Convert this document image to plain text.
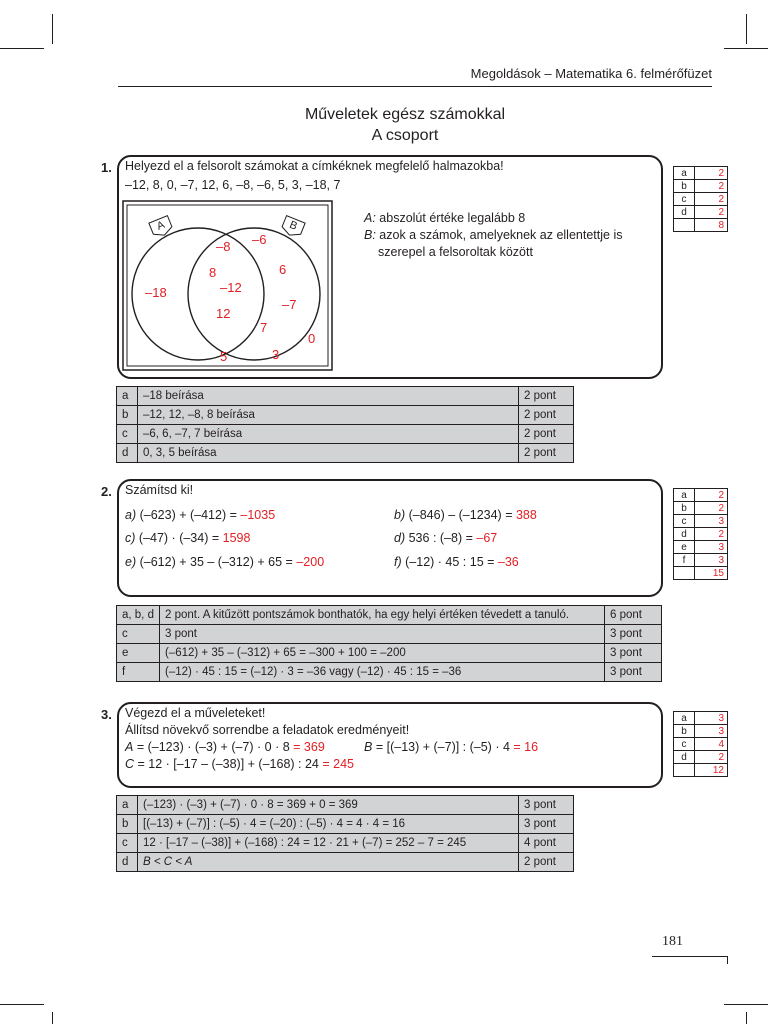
Megoldások – Matematika 6. felmérőfüzet
Műveletek egész számokkal
A csoport
1. Helyezd el a felsorolt számokat a címkéknek megfelelő halmazokba!
–12, 8, 0, –7, 12, 6, –8, –6, 5, 3, –18, 7
A	B
–18
–8
8
–12
12
–6
6
–7
7
0
5	3
A: abszolút értéke legalább 8
B: azok a számok, amelyeknek az ellentettje is
szerepel a felsoroltak között
a	2
b	2
c	2
d	2
	8
a	–18 beírása	2 pont
b	–12, 12, –8, 8 beírása	2 pont
c	–6, 6, –7, 7 beírása	2 pont
d	0, 3, 5 beírása	2 pont
2. Számítsd ki!
a) (–623) + (–412) = –1035	b) (–846) – (–1234) = 388
c) (–47) · (–34) = 1598	d) 536 : (–8) = –67
e) (–612) + 35 – (–312) + 65 = –200	f) (–12) · 45 : 15 = –36
a	2
b	2
c	3
d	2
e	3
f	3
	15
a, b, d	2 pont. A kitűzött pontszámok bonthatók, ha egy helyi értéken tévedett a tanuló.	6 pont
c	3 pont	3 pont
e	(–612) + 35 – (–312) + 65 = –300 + 100 = –200	3 pont
f	(–12) · 45 : 15 = (–12) · 3 = –36 vagy (–12) · 45 : 15 = –36	3 pont
3. Végezd el a műveleteket!
Állítsd növekvő sorrendbe a feladatok eredményeit!
A = (–123) · (–3) + (–7) · 0 · 8 = 369	B = [(–13) + (–7)] : (–5) · 4 = 16
C = 12 · [–17 – (–38)] + (–168) : 24 = 245
a	3
b	3
c	4
d	2
	12
a	(–123) · (–3) + (–7) · 0 · 8 = 369 + 0 = 369	3 pont
b	[(–13) + (–7)] : (–5) · 4 = (–20) : (–5) · 4 = 4 · 4 = 16	3 pont
c	12 · [–17 – (–38)] + (–168) : 24 = 12 · 21 + (–7) = 252 – 7 = 245	4 pont
d	B < C < A	2 pont
181
